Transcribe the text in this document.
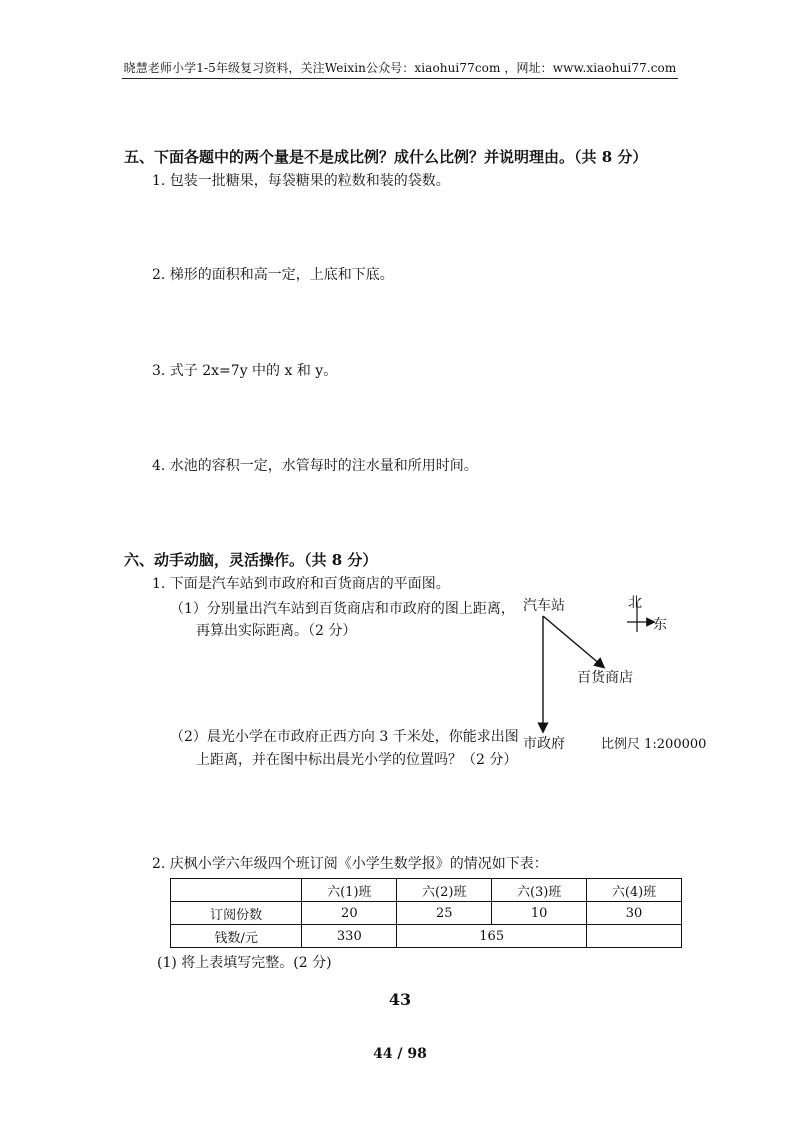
晓慧老师小学1-5年级复习资料，关注Weixin公众号：xiaohui77com ，网址：www.xiaohui77.com
五、下面各题中的两个量是不是成比例？成什么比例？并说明理由。（共 8 分）
1. 包装一批糖果，每袋糖果的粒数和装的袋数。
2. 梯形的面积和高一定，上底和下底。
3. 式子 2x=7y 中的 x 和 y。
4. 水池的容积一定，水管每时的注水量和所用时间。
六、动手动脑，灵活操作。（共 8 分）
1. 下面是汽车站到市政府和百货商店的平面图。
（1）分别量出汽车站到百货商店和市政府的图上距离，
再算出实际距离。（2 分）
（2）晨光小学在市政府正西方向 3 千米处，你能求出图
上距离，并在图中标出晨光小学的位置吗？（2 分）
汽车站	北
东
百货商店
市政府	比例尺 1:200000
2. 庆枫小学六年级四个班订阅《小学生数学报》的情况如下表：
	六(1)班	六(2)班	六(3)班	六(4)班
订阅份数	20	25	10	30
钱数/元	330	165		
(1) 将上表填写完整。(2 分)
43
44 / 98
